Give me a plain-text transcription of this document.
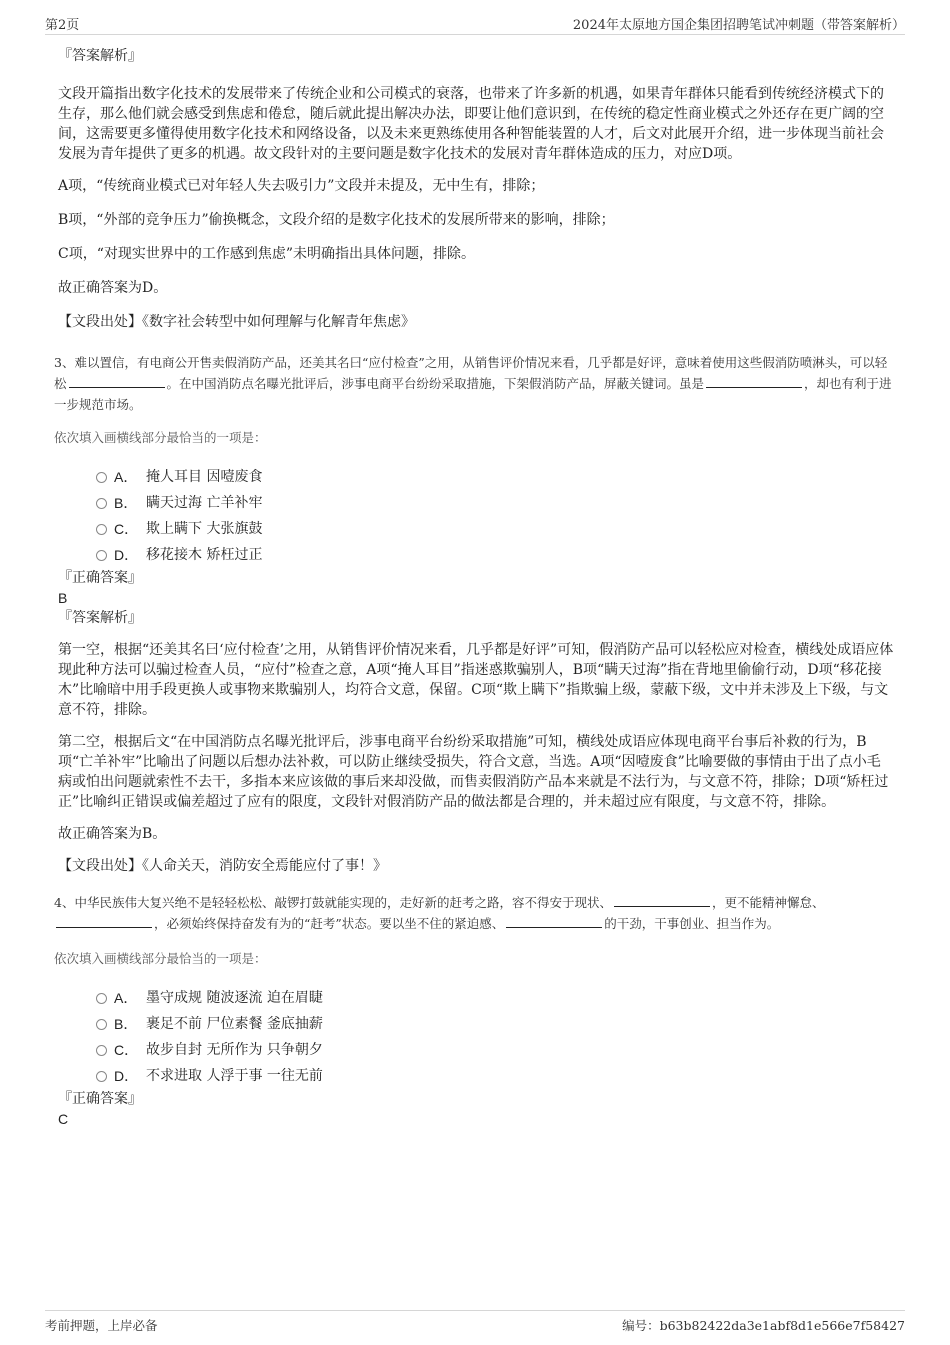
第2页	2024年太原地方国企集团招聘笔试冲刺题（带答案解析）

『答案解析』

文段开篇指出数字化技术的发展带来了传统企业和公司模式的衰落，也带来了许多新的机遇，如果青年群体只能看到传统经济模式下的生存，那么他们就会感受到焦虑和倦怠，随后就此提出解决办法，即要让他们意识到，在传统的稳定性商业模式之外还存在更广阔的空间，这需要更多懂得使用数字化技术和网络设备，以及未来更熟练使用各种智能装置的人才，后文对此展开介绍，进一步体现当前社会发展为青年提供了更多的机遇。故文段针对的主要问题是数字化技术的发展对青年群体造成的压力，对应D项。

A项，“传统商业模式已对年轻人失去吸引力”文段并未提及，无中生有，排除；

B项，“外部的竞争压力”偷换概念，文段介绍的是数字化技术的发展所带来的影响，排除；

C项，“对现实世界中的工作感到焦虑”未明确指出具体问题，排除。

故正确答案为D。

【文段出处】《数字社会转型中如何理解与化解青年焦虑》

3、难以置信，有电商公开售卖假消防产品，还美其名曰“应付检查”之用，从销售评价情况来看，几乎都是好评，意味着使用这些假消防喷淋头，可以轻松	。在中国消防点名曝光批评后，涉事电商平台纷纷采取措施，下架假消防产品，屏蔽关键词。虽是	，却也有利于进一步规范市场。

依次填入画横线部分最恰当的一项是：

A． 掩人耳目 因噎废食
B． 瞒天过海 亡羊补牢
C． 欺上瞒下 大张旗鼓
D． 移花接木 矫枉过正

『正确答案』

B

『答案解析』

第一空，根据“还美其名曰‘应付检查’之用，从销售评价情况来看，几乎都是好评”可知，假消防产品可以轻松应对检查，横线处成语应体现此种方法可以骗过检查人员，“应付”检查之意，A项“掩人耳目”指迷惑欺骗别人，B项“瞒天过海”指在背地里偷偷行动，D项“移花接木”比喻暗中用手段更换人或事物来欺骗别人，均符合文意，保留。C项“欺上瞒下”指欺骗上级，蒙蔽下级，文中并未涉及上下级，与文意不符，排除。

第二空，根据后文“在中国消防点名曝光批评后，涉事电商平台纷纷采取措施”可知，横线处成语应体现电商平台事后补救的行为，B项“亡羊补牢”比喻出了问题以后想办法补救，可以防止继续受损失，符合文意，当选。A项“因噎废食”比喻要做的事情由于出了点小毛病或怕出问题就索性不去干，多指本来应该做的事后来却没做，而售卖假消防产品本来就是不法行为，与文意不符，排除；D项“矫枉过正”比喻纠正错误或偏差超过了应有的限度，文段针对假消防产品的做法都是合理的，并未超过应有限度，与文意不符，排除。

故正确答案为B。

【文段出处】《人命关天，消防安全焉能应付了事！》

4、中华民族伟大复兴绝不是轻轻松松、敲锣打鼓就能实现的，走好新的赶考之路，容不得安于现状、	，更不能精神懈怠、，必须始终保持奋发有为的“赶考”状态。要以坐不住的紧迫感、	的干劲，干事创业、担当作为。

依次填入画横线部分最恰当的一项是：

A． 墨守成规 随波逐流 迫在眉睫
B． 裹足不前 尸位素餐 釜底抽薪
C． 故步自封 无所作为 只争朝夕
D． 不求进取 人浮于事 一往无前

『正确答案』

C

考前押题，上岸必备	编号：b63b82422da3e1abf8d1e566e7f58427
